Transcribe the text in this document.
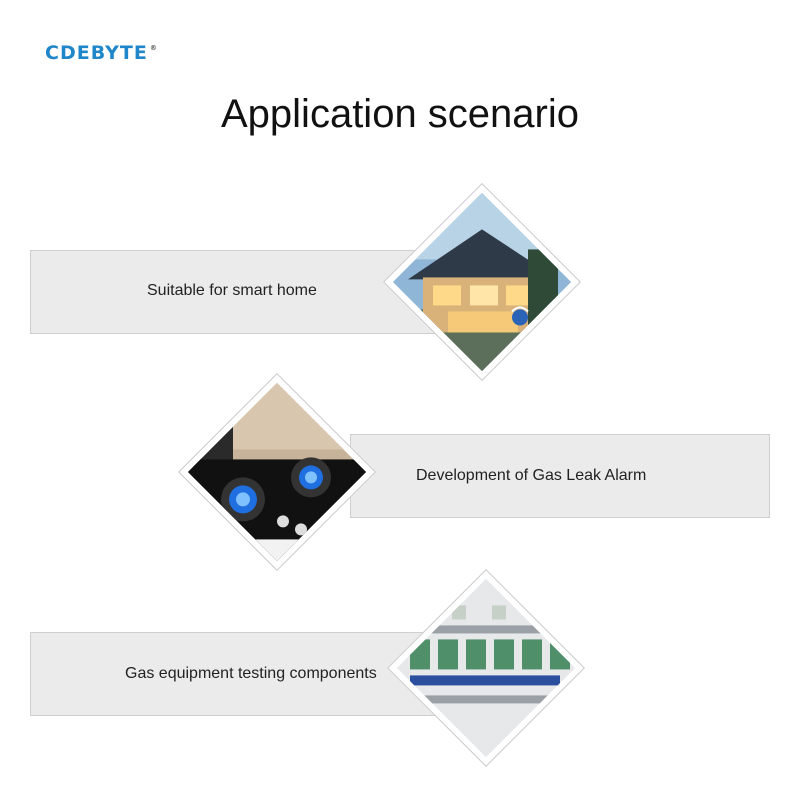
CDEBYTE ®
Application scenario
Suitable for smart home
Development of Gas Leak Alarm
Gas equipment testing components
